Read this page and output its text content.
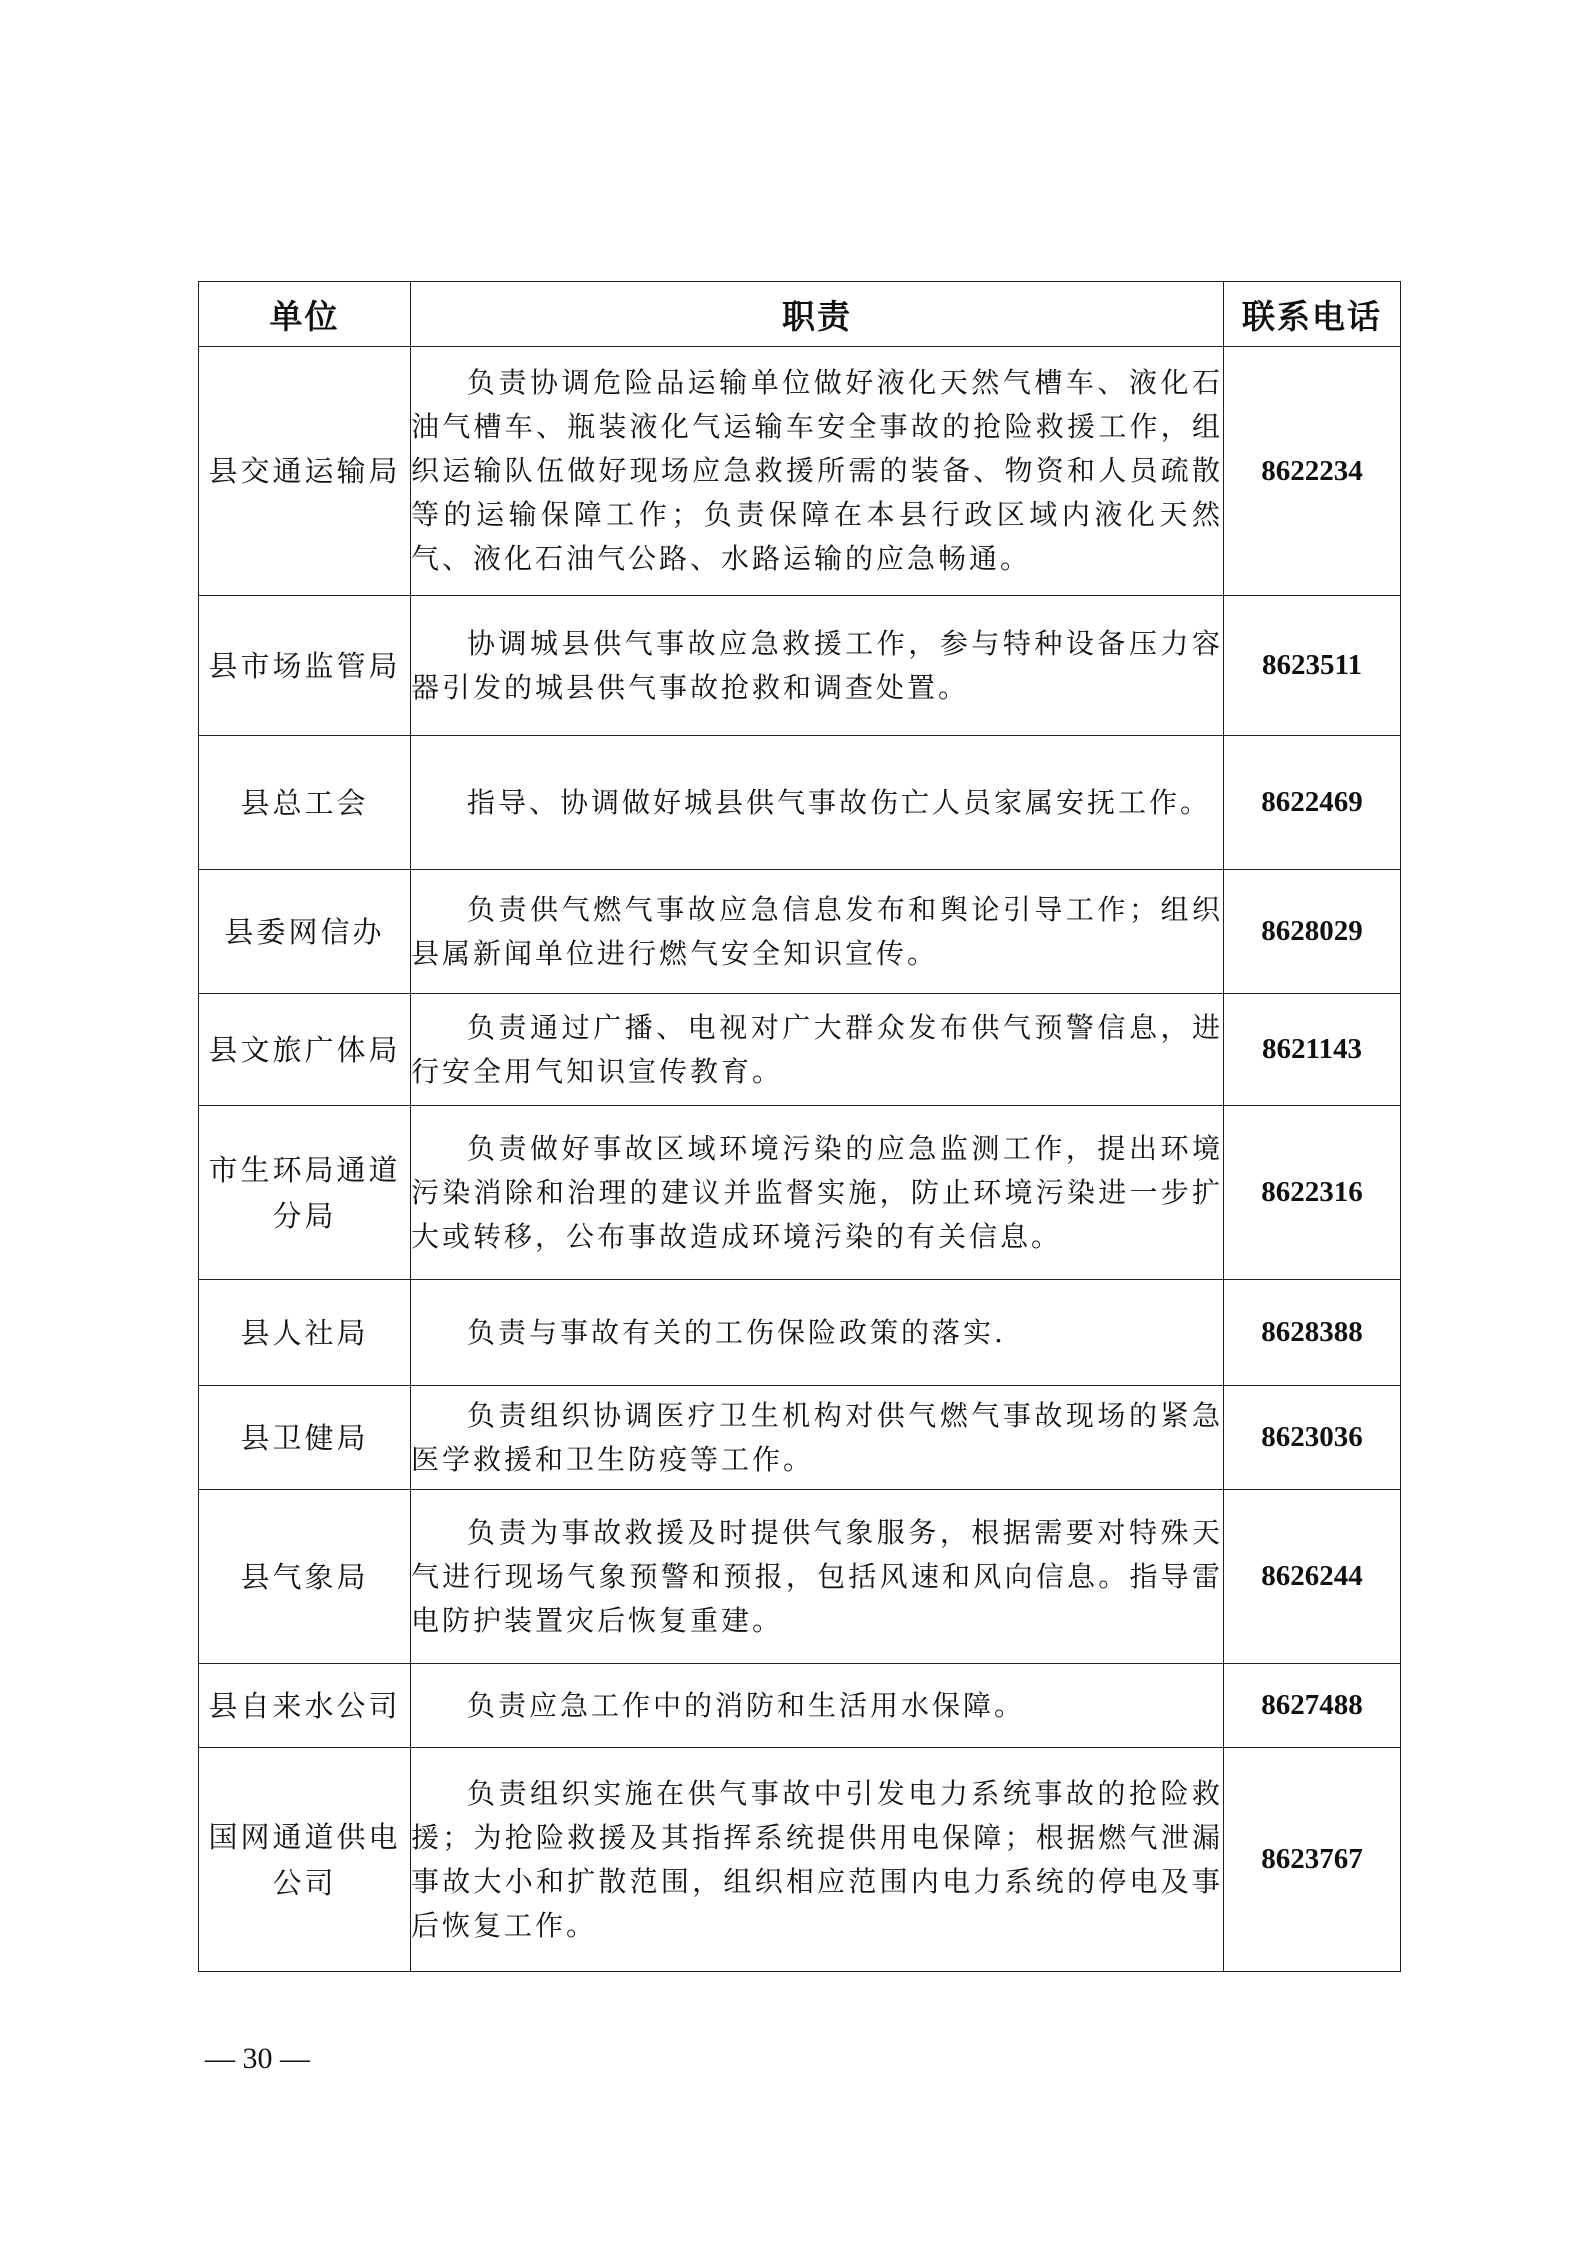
单位	职责	联系电话
县交通运输局	负责协调危险品运输单位做好液化天然气槽车、液化石油气槽车、瓶装液化气运输车安全事故的抢险救援工作，组织运输队伍做好现场应急救援所需的装备、物资和人员疏散等的运输保障工作；负责保障在本县行政区域内液化天然气、液化石油气公路、水路运输的应急畅通。	8622234
县市场监管局	协调城县供气事故应急救援工作，参与特种设备压力容器引发的城县供气事故抢救和调查处置。	8623511
县总工会	指导、协调做好城县供气事故伤亡人员家属安抚工作。	8622469
县委网信办	负责供气燃气事故应急信息发布和舆论引导工作；组织县属新闻单位进行燃气安全知识宣传。	8628029
县文旅广体局	负责通过广播、电视对广大群众发布供气预警信息，进行安全用气知识宣传教育。	8621143
市生环局通道分局	负责做好事故区域环境污染的应急监测工作，提出环境污染消除和治理的建议并监督实施，防止环境污染进一步扩大或转移，公布事故造成环境污染的有关信息。	8622316
县人社局	负责与事故有关的工伤保险政策的落实.	8628388
县卫健局	负责组织协调医疗卫生机构对供气燃气事故现场的紧急医学救援和卫生防疫等工作。	8623036
县气象局	负责为事故救援及时提供气象服务，根据需要对特殊天气进行现场气象预警和预报，包括风速和风向信息。指导雷电防护装置灾后恢复重建。	8626244
县自来水公司	负责应急工作中的消防和生活用水保障。	8627488
国网通道供电公司	负责组织实施在供气事故中引发电力系统事故的抢险救援；为抢险救援及其指挥系统提供用电保障；根据燃气泄漏事故大小和扩散范围，组织相应范围内电力系统的停电及事后恢复工作。	8623767
— 30 —
